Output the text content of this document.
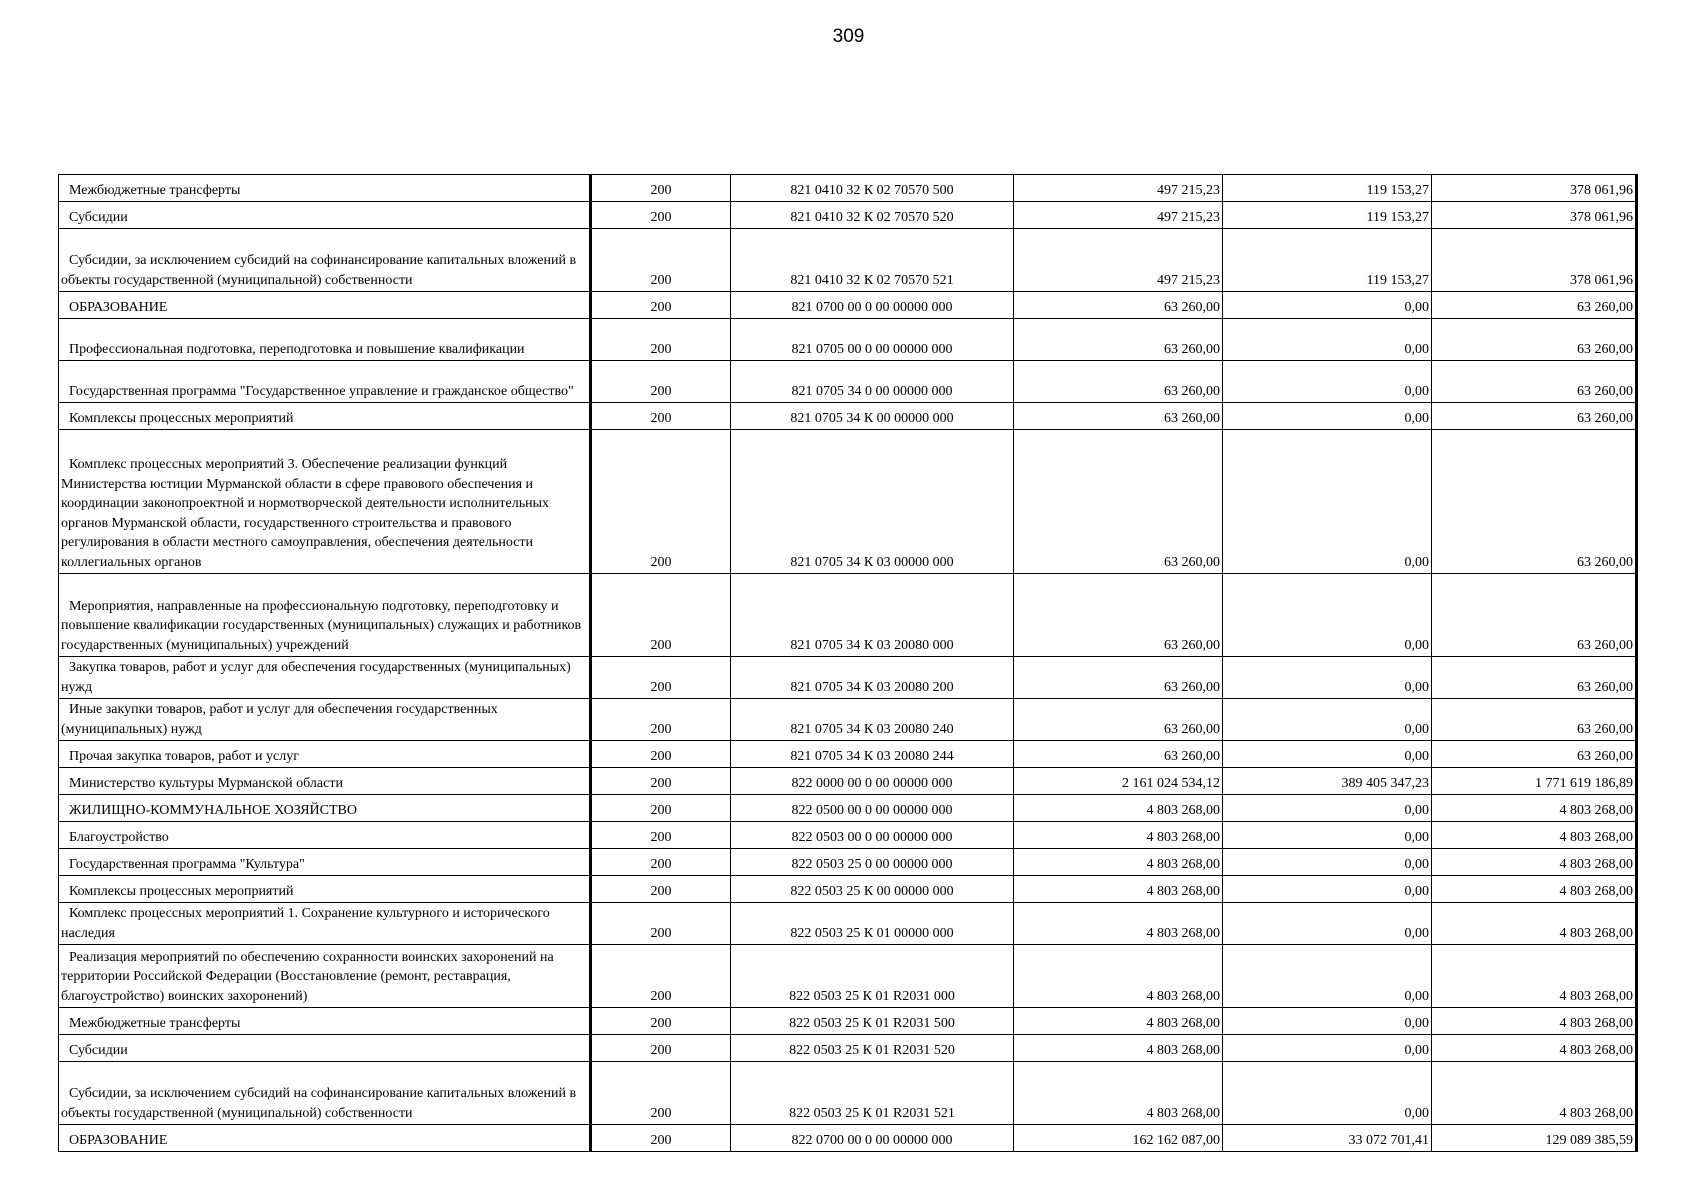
309
Межбюджетные трансферты	200	821 0410 32 К 02 70570 500	497 215,23	119 153,27	378 061,96

Субсидии	200	821 0410 32 К 02 70570 520	497 215,23	119 153,27	378 061,96

Субсидии, за исключением субсидий на софинансирование капитальных вложений в объекты государственной (муниципальной) собственности	200	821 0410 32 К 02 70570 521	497 215,23	119 153,27	378 061,96

ОБРАЗОВАНИЕ	200	821 0700 00 0 00 00000 000	63 260,00	0,00	63 260,00

Профессиональная подготовка, переподготовка и повышение квалификации	200	821 0705 00 0 00 00000 000	63 260,00	0,00	63 260,00

Государственная программа "Государственное управление и гражданское общество"	200	821 0705 34 0 00 00000 000	63 260,00	0,00	63 260,00

Комплексы процессных мероприятий	200	821 0705 34 К 00 00000 000	63 260,00	0,00	63 260,00

Комплекс процессных мероприятий 3. Обеспечение реализации функций Министерства юстиции Мурманской области в сфере правового обеспечения и координации законопроектной и нормотворческой деятельности исполнительных органов Мурманской области, государственного строительства и правового регулирования в области местного самоуправления, обеспечения деятельности коллегиальных органов	200	821 0705 34 К 03 00000 000	63 260,00	0,00	63 260,00

Мероприятия, направленные на профессиональную подготовку, переподготовку и повышение квалификации государственных (муниципальных) служащих и работников государственных (муниципальных) учреждений	200	821 0705 34 К 03 20080 000	63 260,00	0,00	63 260,00

Закупка товаров, работ и услуг для обеспечения государственных (муниципальных) нужд	200	821 0705 34 К 03 20080 200	63 260,00	0,00	63 260,00

Иные закупки товаров, работ и услуг для обеспечения государственных (муниципальных) нужд	200	821 0705 34 К 03 20080 240	63 260,00	0,00	63 260,00

Прочая закупка товаров, работ и услуг	200	821 0705 34 К 03 20080 244	63 260,00	0,00	63 260,00

Министерство культуры Мурманской области	200	822 0000 00 0 00 00000 000	2 161 024 534,12	389 405 347,23	1 771 619 186,89

ЖИЛИЩНО-КОММУНАЛЬНОЕ ХОЗЯЙСТВО	200	822 0500 00 0 00 00000 000	4 803 268,00	0,00	4 803 268,00

Благоустройство	200	822 0503 00 0 00 00000 000	4 803 268,00	0,00	4 803 268,00

Государственная программа "Культура"	200	822 0503 25 0 00 00000 000	4 803 268,00	0,00	4 803 268,00

Комплексы процессных мероприятий	200	822 0503 25 К 00 00000 000	4 803 268,00	0,00	4 803 268,00

Комплекс процессных мероприятий 1. Сохранение культурного и исторического наследия	200	822 0503 25 К 01 00000 000	4 803 268,00	0,00	4 803 268,00

Реализация мероприятий по обеспечению сохранности воинских захоронений на территории Российской Федерации (Восстановление (ремонт, реставрация, благоустройство) воинских захоронений)	200	822 0503 25 К 01 R2031 000	4 803 268,00	0,00	4 803 268,00

Межбюджетные трансферты	200	822 0503 25 К 01 R2031 500	4 803 268,00	0,00	4 803 268,00

Субсидии	200	822 0503 25 К 01 R2031 520	4 803 268,00	0,00	4 803 268,00

Субсидии, за исключением субсидий на софинансирование капитальных вложений в объекты государственной (муниципальной) собственности	200	822 0503 25 К 01 R2031 521	4 803 268,00	0,00	4 803 268,00

ОБРАЗОВАНИЕ	200	822 0700 00 0 00 00000 000	162 162 087,00	33 072 701,41	129 089 385,59
